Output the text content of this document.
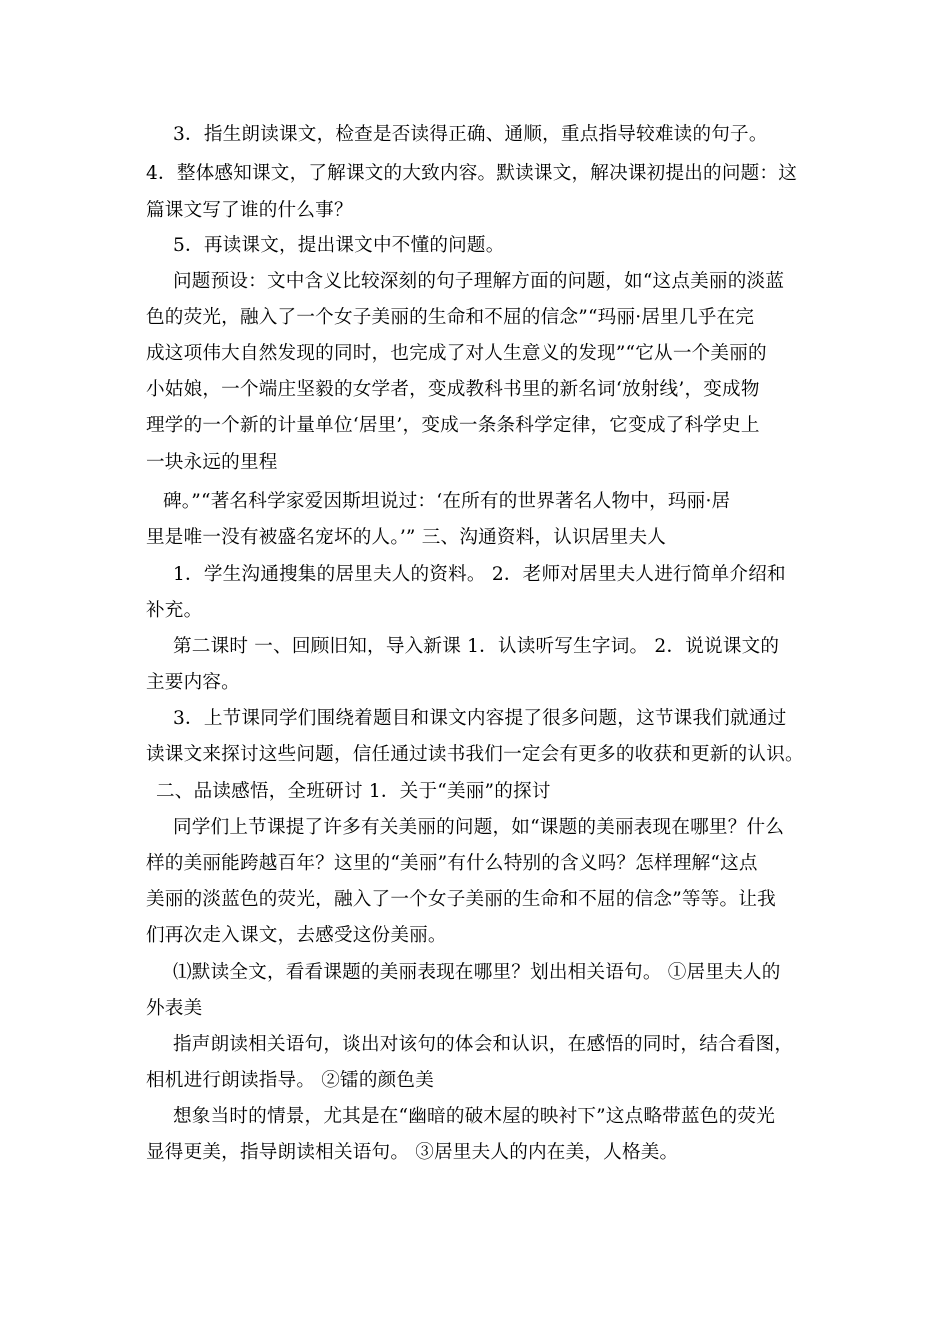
3．指生朗读课文，检查是否读得正确、通顺，重点指导较难读的句子。
4．整体感知课文，了解课文的大致内容。默读课文，解决课初提出的问题：这
篇课文写了谁的什么事？
5．再读课文，提出课文中不懂的问题。
问题预设：文中含义比较深刻的句子理解方面的问题，如“这点美丽的淡蓝
色的荧光，融入了一个女子美丽的生命和不屈的信念”“玛丽·居里几乎在完
成这项伟大自然发现的同时，也完成了对人生意义的发现”“它从一个美丽的
小姑娘，一个端庄坚毅的女学者，变成教科书里的新名词‘放射线’，变成物
理学的一个新的计量单位‘居里’，变成一条条科学定律，它变成了科学史上
一块永远的里程
碑。”“著名科学家爱因斯坦说过：‘在所有的世界著名人物中，玛丽·居
里是唯一没有被盛名宠坏的人。’” 三、沟通资料，认识居里夫人
1．学生沟通搜集的居里夫人的资料。 2．老师对居里夫人进行简单介绍和
补充。
第二课时 一、回顾旧知，导入新课 1．认读听写生字词。 2．说说课文的
主要内容。
3．上节课同学们围绕着题目和课文内容提了很多问题，这节课我们就通过
读课文来探讨这些问题，信任通过读书我们一定会有更多的收获和更新的认识。
二、品读感悟，全班研讨 1．关于“美丽”的探讨
同学们上节课提了许多有关美丽的问题，如“课题的美丽表现在哪里？什么
样的美丽能跨越百年？这里的“美丽”有什么特别的含义吗？怎样理解“这点
美丽的淡蓝色的荧光，融入了一个女子美丽的生命和不屈的信念”等等。让我
们再次走入课文，去感受这份美丽。
⑴默读全文，看看课题的美丽表现在哪里？划出相关语句。 ①居里夫人的
外表美
指声朗读相关语句，谈出对该句的体会和认识，在感悟的同时，结合看图，
相机进行朗读指导。 ②镭的颜色美
想象当时的情景，尤其是在“幽暗的破木屋的映衬下”这点略带蓝色的荧光
显得更美，指导朗读相关语句。 ③居里夫人的内在美，人格美。
